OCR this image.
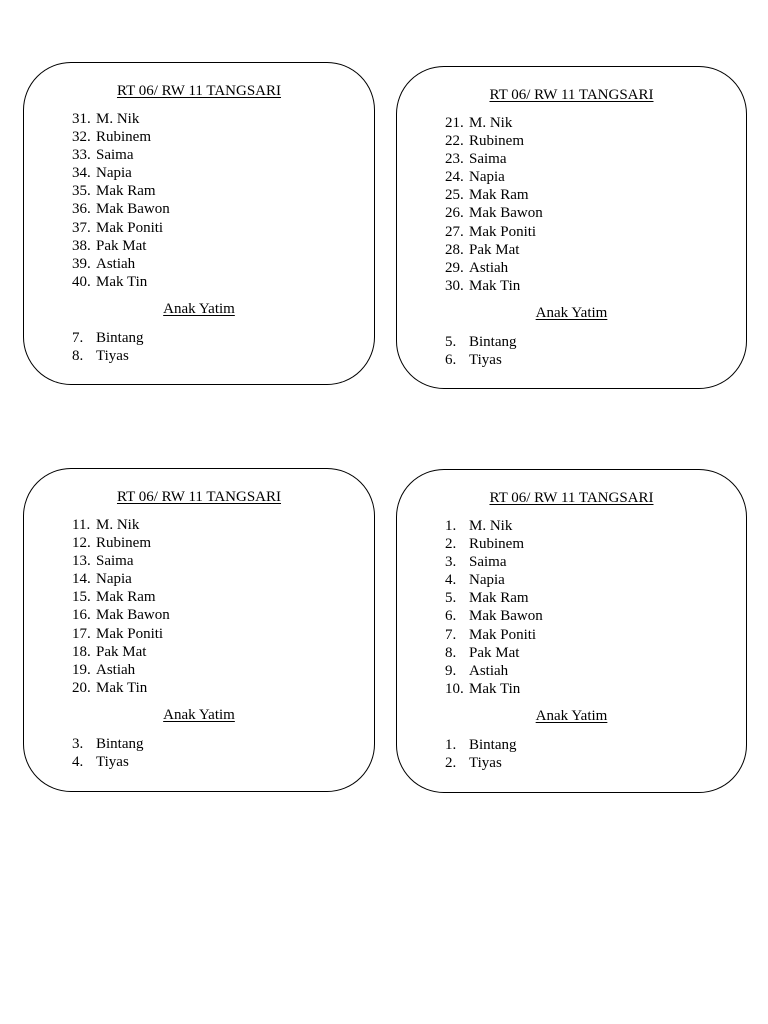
RT 06/ RW 11 TANGSARI
31. M. Nik
32. Rubinem
33. Saima
34. Napia
35. Mak Ram
36. Mak Bawon
37. Mak Poniti
38. Pak Mat
39. Astiah
40. Mak Tin
Anak Yatim
7. Bintang
8. Tiyas
RT 06/ RW 11 TANGSARI
21. M. Nik
22. Rubinem
23. Saima
24. Napia
25. Mak Ram
26. Mak Bawon
27. Mak Poniti
28. Pak Mat
29. Astiah
30. Mak Tin
Anak Yatim
5. Bintang
6. Tiyas
RT 06/ RW 11 TANGSARI
11. M. Nik
12. Rubinem
13. Saima
14. Napia
15. Mak Ram
16. Mak Bawon
17. Mak Poniti
18. Pak Mat
19. Astiah
20. Mak Tin
Anak Yatim
3. Bintang
4. Tiyas
RT 06/ RW 11 TANGSARI
1. M. Nik
2. Rubinem
3. Saima
4. Napia
5. Mak Ram
6. Mak Bawon
7. Mak Poniti
8. Pak Mat
9. Astiah
10. Mak Tin
Anak Yatim
1. Bintang
2. Tiyas
